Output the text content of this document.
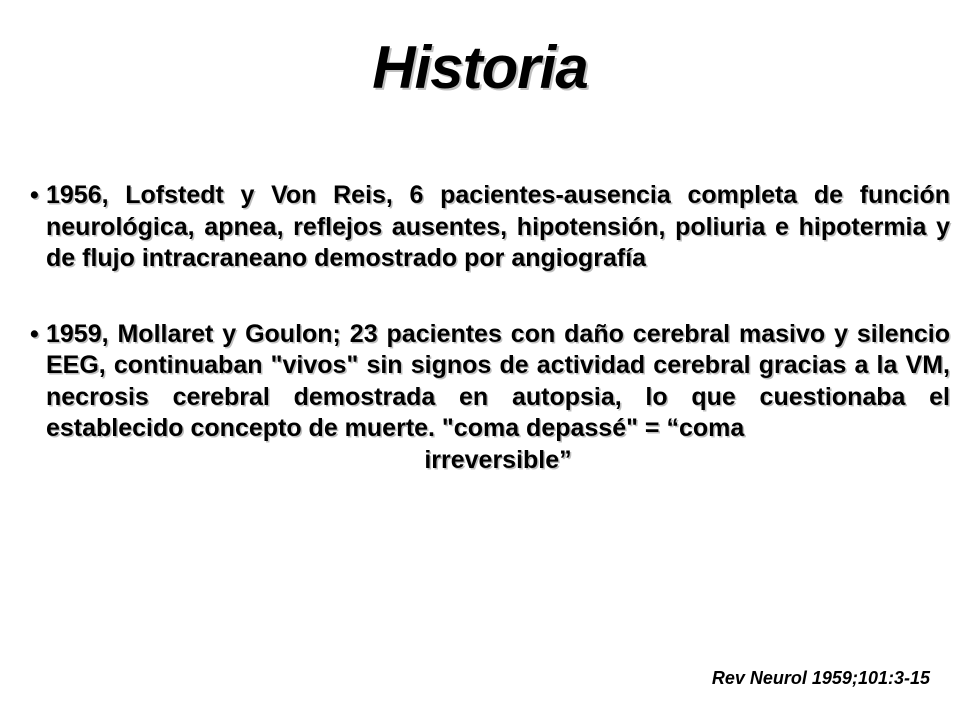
Historia
• 1956, Lofstedt y Von Reis, 6 pacientes-ausencia completa de función neurológica, apnea, reflejos ausentes, hipotensión, poliuria e hipotermia y de flujo intracraneano demostrado por angiografía
• 1959, Mollaret y Goulon; 23 pacientes con daño cerebral masivo y silencio EEG, continuaban "vivos" sin signos de actividad cerebral gracias a la VM, necrosis cerebral demostrada en autopsia, lo que cuestionaba el establecido concepto de muerte. "coma depassé" = “coma
irreversible”
Rev Neurol 1959;101:3-15
